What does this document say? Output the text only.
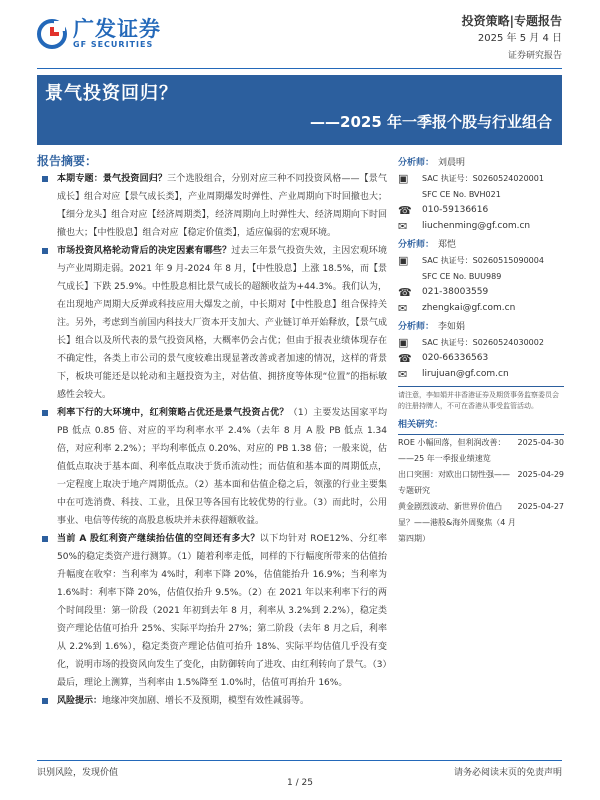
广发证券
GF SECURITIES
投资策略|专题报告
2025 年 5 月 4 日
证券研究报告
景气投资回归？
——2025 年一季报个股与行业组合
报告摘要：
本期专题：景气投资回归？三个选股组合，分别对应三种不同投资风格——【景气成长】组合对应【景气成长类】，产业周期爆发时弹性、产业周期向下时回撤也大；【细分龙头】组合对应【经济周期类】，经济周期向上时弹性大、经济周期向下时回撤也大；【中性股息】组合对应【稳定价值类】，适应偏弱的宏观环境。
市场投资风格轮动背后的决定因素有哪些？过去三年景气投资失效，主因宏观环境与产业周期走弱。2021 年 9 月-2024 年 8 月，【中性股息】上涨 18.5%，而【景气成长】下跌 25.9%。中性股息相比景气成长的超额收益为+44.3%。我们认为，在出现地产周期大反弹或科技应用大爆发之前，中长期对【中性股息】组合保持关注。另外，考虑到当前国内科技大厂资本开支加大、产业链订单开始释放，【景气成长】组合以及所代表的景气投资风格，大概率仍会占优；但由于报表业绩体现存在不确定性，各类上市公司的景气度较难出现显著改善或者加速的情况，这样的背景下，板块可能还是以轮动和主题投资为主，对估值、拥挤度等体现“位置”的指标敏感性会较大。
利率下行的大环境中，红利策略占优还是景气投资占优？（1）主要发达国家平均 PB 低点 0.85 倍、对应的平均利率水平 2.4%（去年 8 月 A 股 PB 低点 1.34 倍，对应利率 2.2%）；平均利率低点 0.20%、对应的 PB 1.38 倍；一般来说，估值低点取决于基本面、利率低点取决于货币流动性；而估值和基本面的周期低点，一定程度上取决于地产周期低点。（2）基本面和估值企稳之后，领涨的行业主要集中在可选消费、科技、工业，且保卫等各国有比较优势的行业。（3）而此时，公用事业、电信等传统的高股息板块并未获得超额收益。
当前 A 股红利资产继续抬估值的空间还有多大？以下均针对 ROE12%、分红率 50%的稳定类资产进行测算。（1）随着利率走低，同样的下行幅度所带来的估值抬升幅度在收窄：当利率为 4%时，利率下降 20%，估值能抬升 16.9%；当利率为 1.6%时：利率下降 20%，估值仅抬升 9.5%。（2）在 2021 年以来利率下行的两个时间段里：第一阶段（2021 年初到去年 8 月，利率从 3.2%到 2.2%），稳定类资产理论估值可抬升 25%、实际平均抬升 27%；第二阶段（去年 8 月之后，利率从 2.2%到 1.6%），稳定类资产理论估值可抬升 18%、实际平均估值几乎没有变化，说明市场的投资风向发生了变化，由防御转向了进攻、由红利转向了景气。（3）最后，理论上测算，当利率由 1.5%降至 1.0%时，估值可再抬升 16%。
风险提示：地缘冲突加剧、增长不及预期，模型有效性减弱等。
分析师： 刘晨明
▣	SAC 执证号：S0260524020001
SFC CE No. BVH021
☎	010-59136616
✉	liuchenming@gf.com.cn
分析师： 郑恺
▣	SAC 执证号：S0260515090004
SFC CE No. BUU989
☎	021-38003559
✉	zhengkai@gf.com.cn
分析师： 李如娟
▣	SAC 执证号：S0260524030002
☎	020-66336563
✉	lirujuan@gf.com.cn
请注意，李如娟并非香港证券及期货事务监察委员会的注册持牌人，不可在香港从事受监管活动。
相关研究：
2025-04-30
ROE 小幅回落，但利润改善：——25 年一季报业绩速览
2025-04-29
出口突围：对欧出口韧性强——专题研究
2025-04-27
黄金剧烈波动、新世界价值凸显？——港股&海外周聚焦（4 月第四期）
识别风险，发现价值	请务必阅读末页的免责声明
1 / 25
